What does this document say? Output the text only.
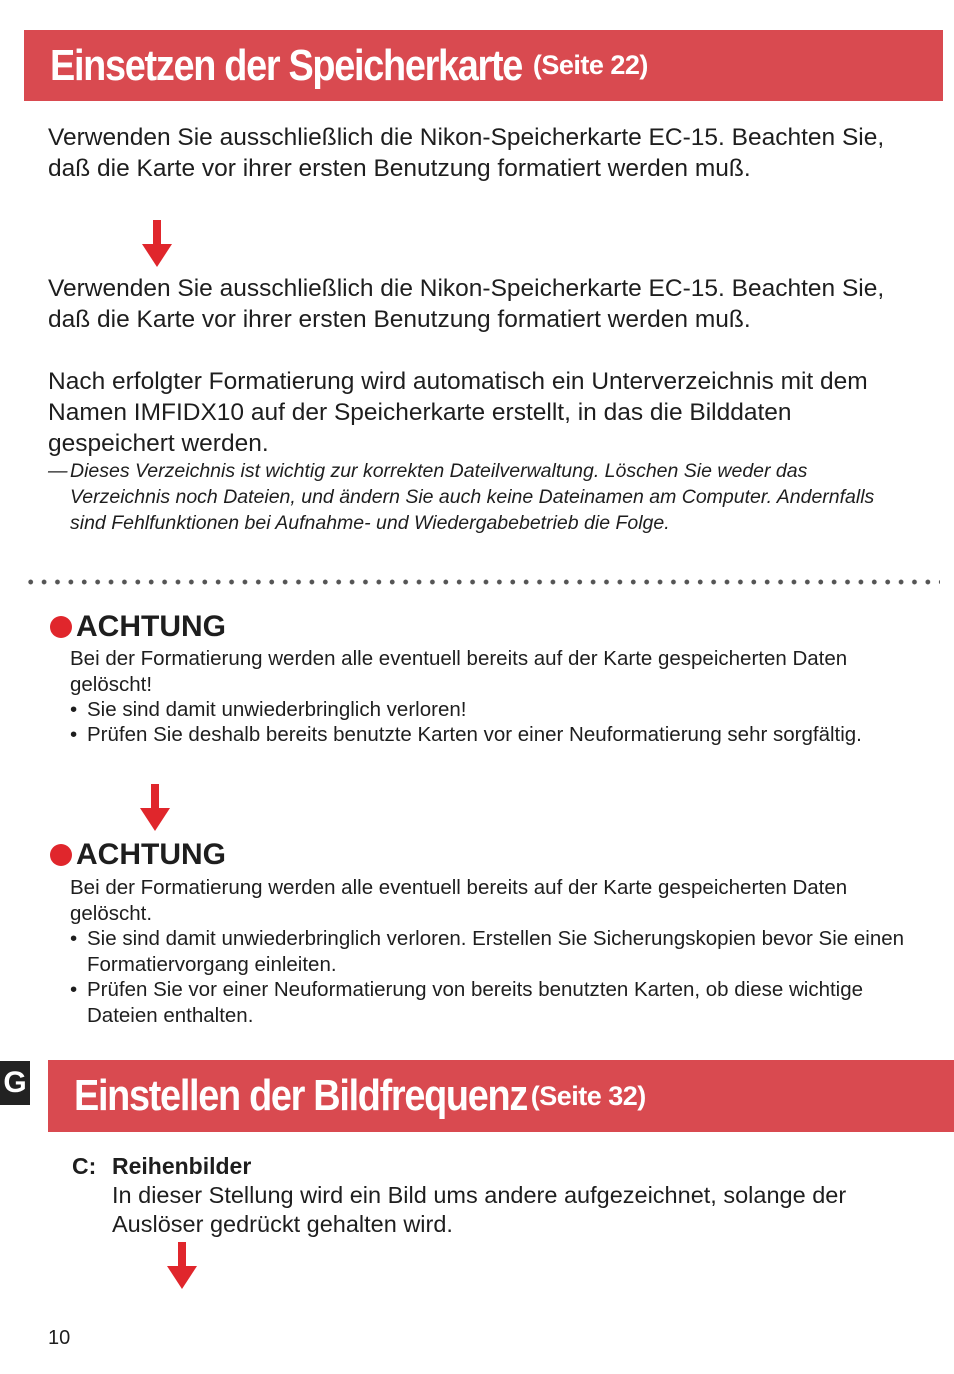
Einsetzen der Speicherkarte (Seite 22)

Verwenden Sie ausschließlich die Nikon-Speicherkarte EC-15. Beachten Sie, daß die Karte vor ihrer ersten Benutzung formatiert werden muß.

Verwenden Sie ausschließlich die Nikon-Speicherkarte EC-15. Beachten Sie, daß die Karte vor ihrer ersten Benutzung formatiert werden muß.

Nach erfolgter Formatierung wird automatisch ein Unterverzeichnis mit dem Namen IMFIDX10 auf der Speicherkarte erstellt, in das die Bilddaten gespeichert werden.

— Dieses Verzeichnis ist wichtig zur korrekten Dateilverwaltung. Löschen Sie weder das Verzeichnis noch Dateien, und ändern Sie auch keine Dateinamen am Computer. Andernfalls sind Fehlfunktionen bei Aufnahme- und Wiedergabebetrieb die Folge.

ACHTUNG

Bei der Formatierung werden alle eventuell bereits auf der Karte gespeicherten Daten gelöscht!

• Sie sind damit unwiederbringlich verloren!

• Prüfen Sie deshalb bereits benutzte Karten vor einer Neuformatierung sehr sorgfältig.

ACHTUNG

Bei der Formatierung werden alle eventuell bereits auf der Karte gespeicherten Daten gelöscht.

• Sie sind damit unwiederbringlich verloren. Erstellen Sie Sicherungskopien bevor Sie einen Formatiervorgang einleiten.

• Prüfen Sie vor einer Neuformatierung von bereits benutzten Karten, ob diese wichtige Dateien enthalten.

G Einstellen der Bildfrequenz (Seite 32)
C: Reihenbilder

In dieser Stellung wird ein Bild ums andere aufgezeichnet, solange der Auslöser gedrückt gehalten wird.

10
